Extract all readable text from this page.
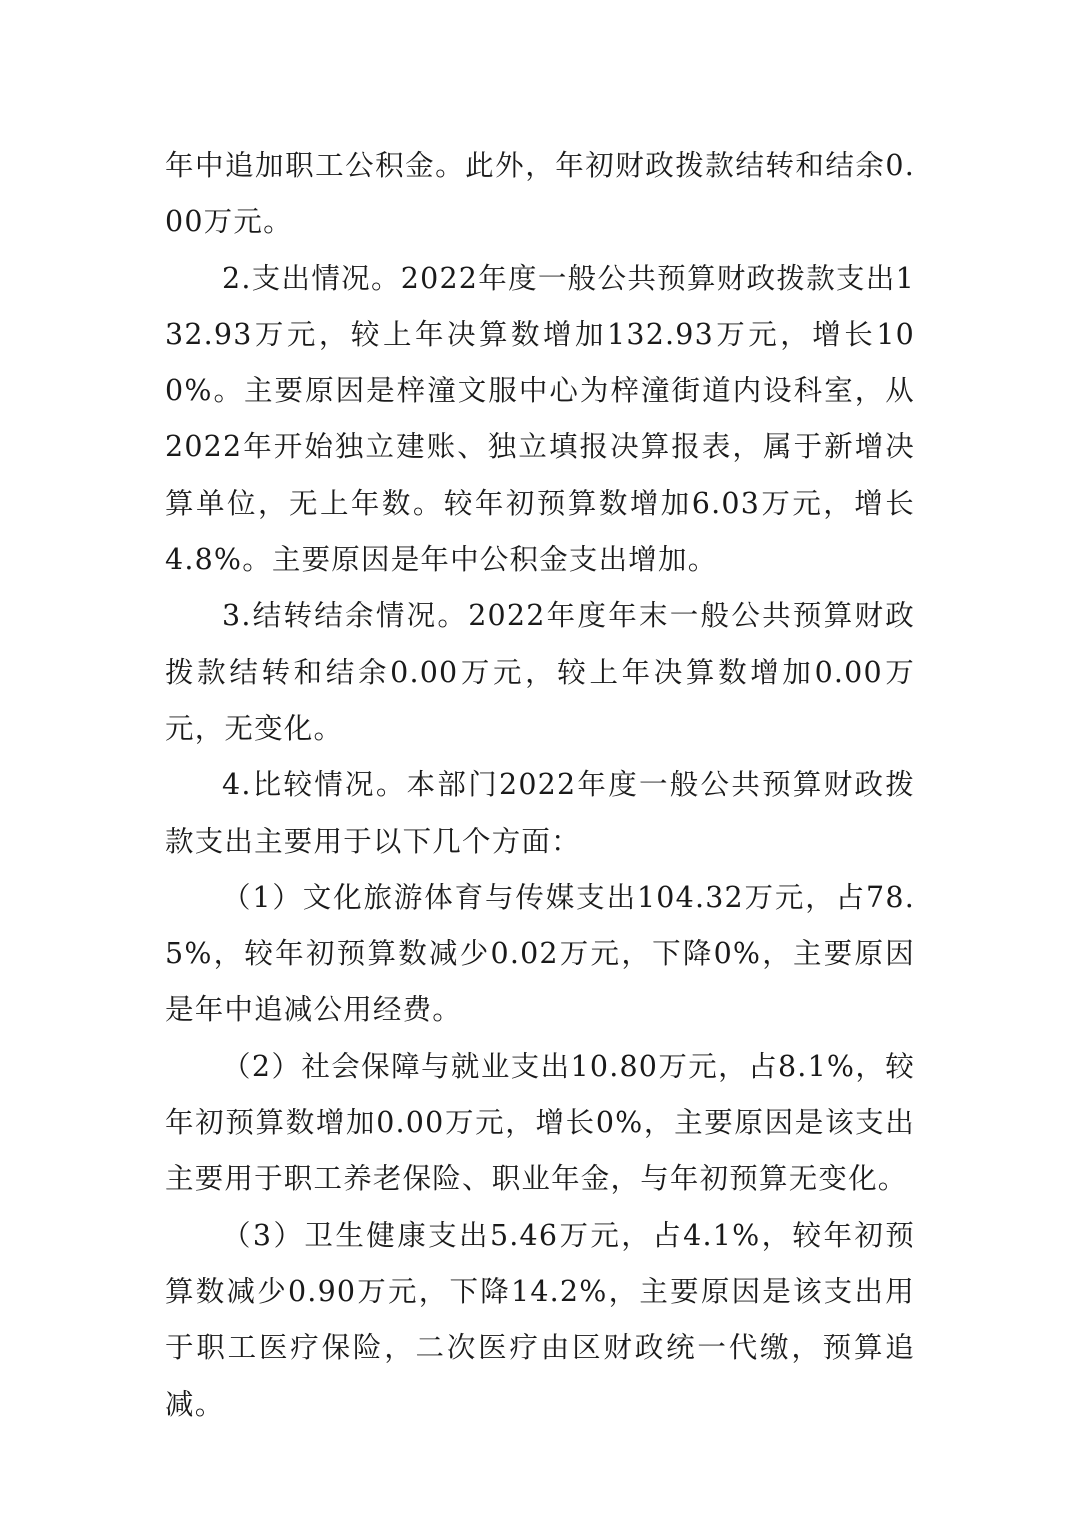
年中追加职工公积金。此外，年初财政拨款结转和结余0.00万元。

2.支出情况。2022年度一般公共预算财政拨款支出132.93万元，较上年决算数增加132.93万元，增长100%。主要原因是梓潼文服中心为梓潼街道内设科室，从2022年开始独立建账、独立填报决算报表，属于新增决算单位，无上年数。较年初预算数增加6.03万元，增长4.8%。主要原因是年中公积金支出增加。

3.结转结余情况。2022年度年末一般公共预算财政拨款结转和结余0.00万元，较上年决算数增加0.00万元，无变化。

4.比较情况。本部门2022年度一般公共预算财政拨款支出主要用于以下几个方面：

（1）文化旅游体育与传媒支出104.32万元，占78.5%，较年初预算数减少0.02万元，下降0%，主要原因是年中追减公用经费。

（2）社会保障与就业支出10.80万元，占8.1%，较年初预算数增加0.00万元，增长0%，主要原因是该支出主要用于职工养老保险、职业年金，与年初预算无变化。

（3）卫生健康支出5.46万元，占4.1%，较年初预算数减少0.90万元，下降14.2%，主要原因是该支出用于职工医疗保险，二次医疗由区财政统一代缴，预算追减。
